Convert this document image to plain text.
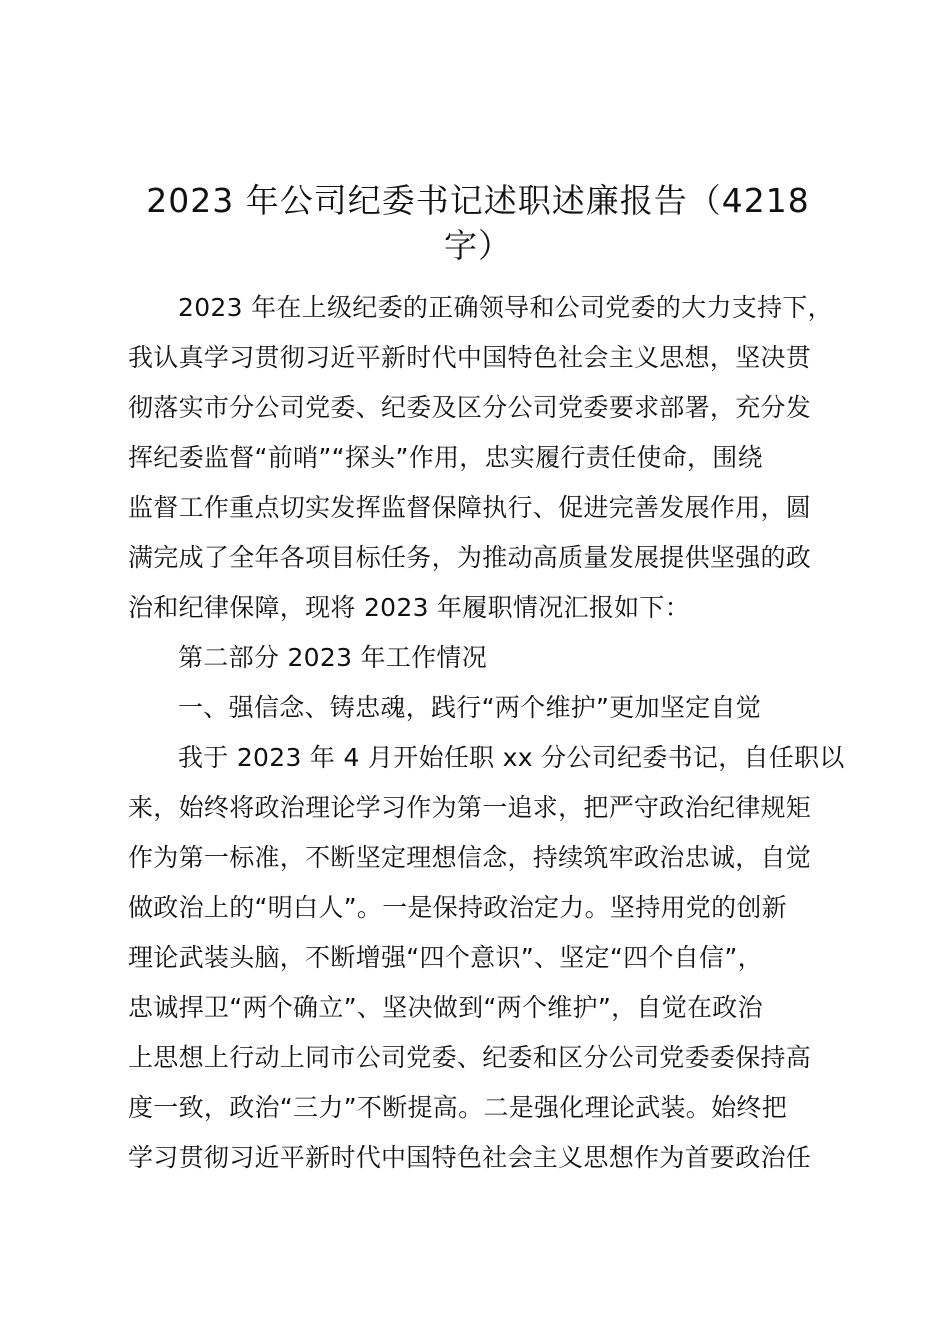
2023 年公司纪委书记述职述廉报告（4218
字）
2023 年在上级纪委的正确领导和公司党委的大力支持下，
我认真学习贯彻习近平新时代中国特色社会主义思想，坚决贯
彻落实市分公司党委、纪委及区分公司党委要求部署，充分发
挥纪委监督“前哨”“探头”作用，忠实履行责任使命，围绕
监督工作重点切实发挥监督保障执行、促进完善发展作用，圆
满完成了全年各项目标任务，为推动高质量发展提供坚强的政
治和纪律保障，现将 2023 年履职情况汇报如下：
第二部分 2023 年工作情况
一、强信念、铸忠魂，践行“两个维护”更加坚定自觉
我于 2023 年 4 月开始任职 xx 分公司纪委书记，自任职以
来，始终将政治理论学习作为第一追求，把严守政治纪律规矩
作为第一标准，不断坚定理想信念，持续筑牢政治忠诚，自觉
做政治上的“明白人”。一是保持政治定力。坚持用党的创新
理论武装头脑，不断增强“四个意识”、坚定“四个自信”，
忠诚捍卫“两个确立”、坚决做到“两个维护”，自觉在政治
上思想上行动上同市公司党委、纪委和区分公司党委委保持高
度一致，政治“三力”不断提高。二是强化理论武装。始终把
学习贯彻习近平新时代中国特色社会主义思想作为首要政治任
